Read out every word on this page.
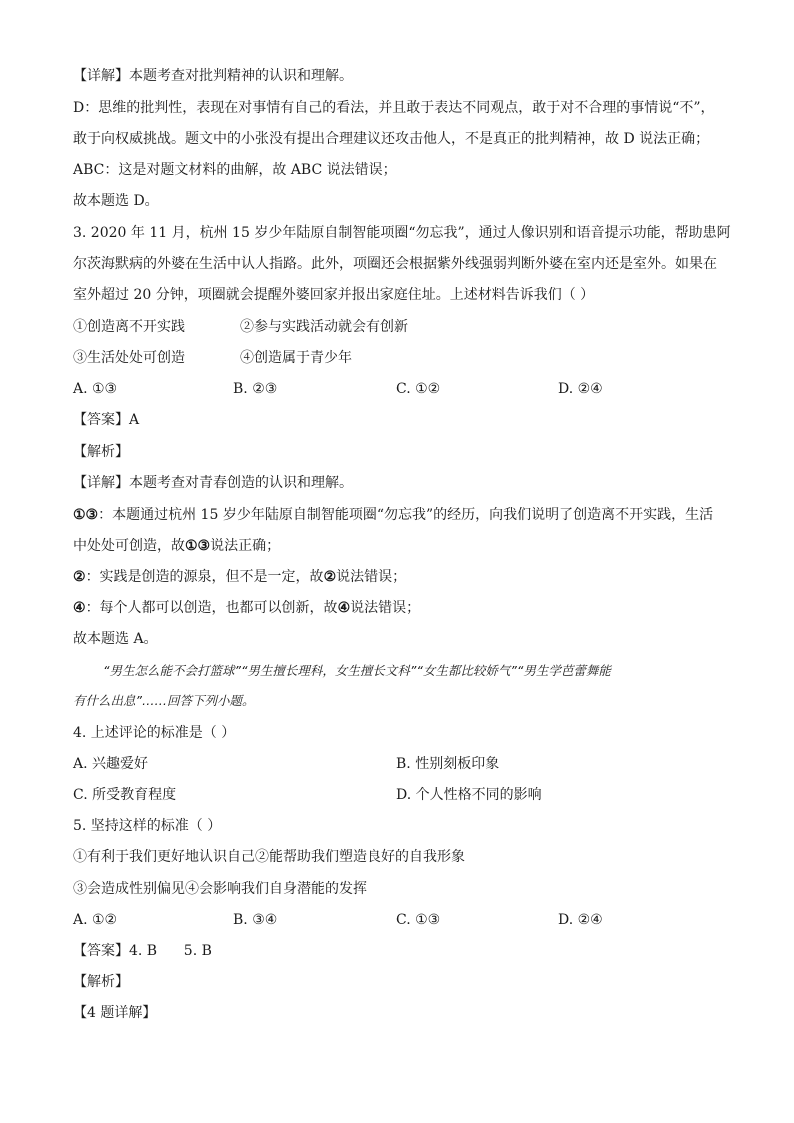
【详解】本题考查对批判精神的认识和理解。
D：思维的批判性，表现在对事情有自己的看法，并且敢于表达不同观点，敢于对不合理的事情说“不”，
敢于向权威挑战。题文中的小张没有提出合理建议还攻击他人，不是真正的批判精神，故 D 说法正确；
ABC：这是对题文材料的曲解，故 ABC 说法错误；
故本题选 D。
3. 2020 年 11 月，杭州 15 岁少年陆原自制智能项圈“勿忘我”，通过人像识别和语音提示功能，帮助患阿
尔茨海默病的外婆在生活中认人指路。此外，项圈还会根据紫外线强弱判断外婆在室内还是室外。如果在
室外超过 20 分钟，项圈就会提醒外婆回家并报出家庭住址。上述材料告诉我们（ ）
①创造离不开实践	②参与实践活动就会有创新
③生活处处可创造	④创造属于青少年
A. ①③	B. ②③	C. ①②	D. ②④
【答案】A
【解析】
【详解】本题考查对青春创造的认识和理解。
①③：本题通过杭州 15 岁少年陆原自制智能项圈“勿忘我”的经历，向我们说明了创造离不开实践，生活
中处处可创造，故①③说法正确；
②：实践是创造的源泉，但不是一定，故②说法错误；
④：每个人都可以创造，也都可以创新，故④说法错误；
故本题选 A。
“男生怎么能不会打篮球”“男生擅长理科，女生擅长文科”“女生都比较娇气”“男生学芭蕾舞能
有什么出息”……回答下列小题。
4. 上述评论的标准是（ ）
A. 兴趣爱好	B. 性别刻板印象
C. 所受教育程度	D. 个人性格不同的影响
5. 坚持这样的标准（ ）
①有利于我们更好地认识自己②能帮助我们塑造良好的自我形象
③会造成性别偏见④会影响我们自身潜能的发挥
A. ①②	B. ③④	C. ①③	D. ②④
【答案】4. B      5. B
【解析】
【4 题详解】
